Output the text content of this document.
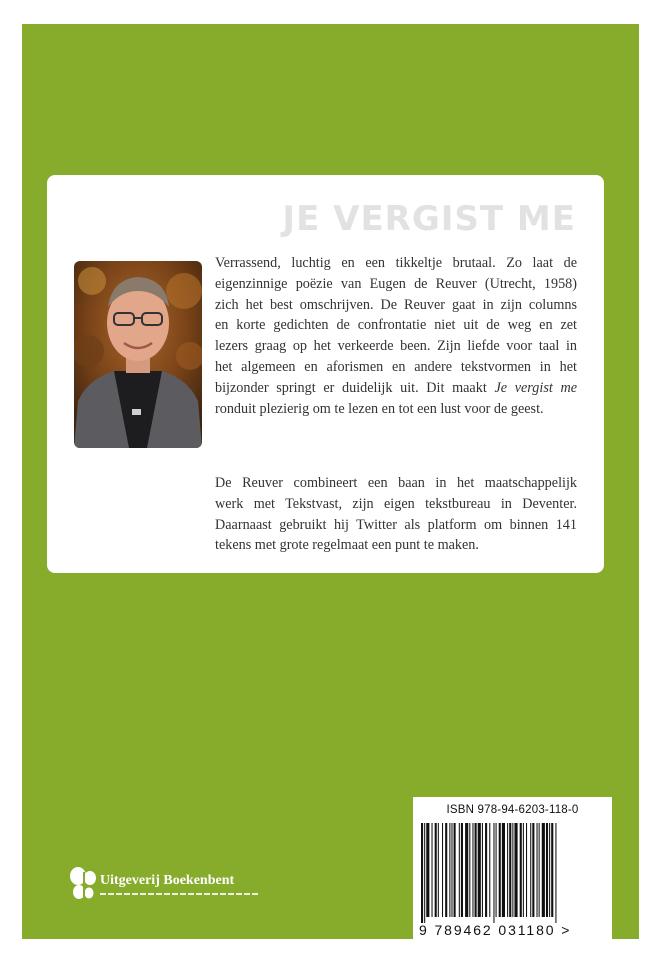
JE VERGIST ME

Verrassend, luchtig en een tikkeltje brutaal. Zo laat de
eigenzinnige poëzie van Eugen de Reuver (Utrecht, 1958)
zich het best omschrijven. De Reuver gaat in zijn columns
en korte gedichten de confrontatie niet uit de weg en zet
lezers graag op het verkeerde been. Zijn liefde voor taal in
het algemeen en aforismen en andere tekstvormen in het
bijzonder springt er duidelijk uit. Dit maakt Je vergist me
ronduit plezierig om te lezen en tot een lust voor de geest.

De Reuver combineert een baan in het maatschappelijk
werk met Tekstvast, zijn eigen tekstbureau in Deventer.
Daarnaast gebruikt hij Twitter als platform om binnen 141
tekens met grote regelmaat een punt te maken.

Uitgeverij Boekenbent

ISBN 978-94-6203-118-0

9 789462 031180 >
